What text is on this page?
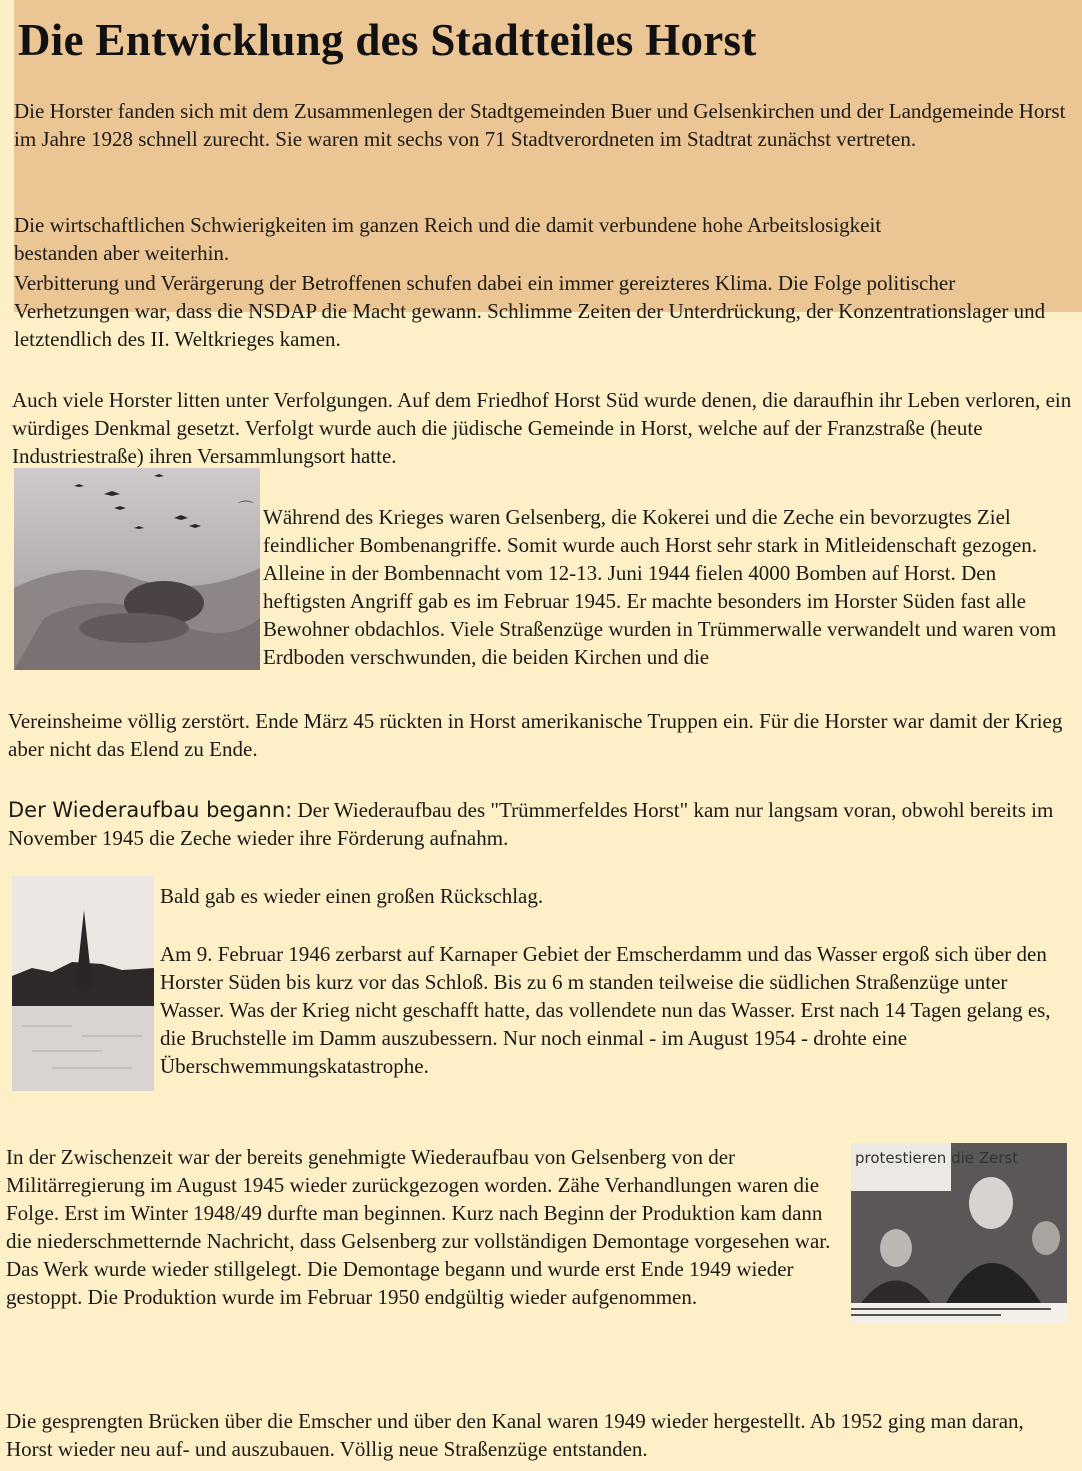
Die Entwicklung des Stadtteiles Horst

Die Horster fanden sich mit dem Zusammenlegen der Stadtgemeinden Buer und Gelsenkirchen und der Landgemeinde Horst im Jahre 1928 schnell zurecht. Sie waren mit sechs von 71 Stadtverordneten im Stadtrat zunächst vertreten.

Die wirtschaftlichen Schwierigkeiten im ganzen Reich und die damit verbundene hohe Arbeitslosigkeit bestanden aber weiterhin.

Verbitterung und Verärgerung der Betroffenen schufen dabei ein immer gereizteres Klima. Die Folge politischer Verhetzungen war, dass die NSDAP die Macht gewann. Schlimme Zeiten der Unterdrückung, der Konzentrationslager und letztendlich des II. Weltkrieges kamen.

Auch viele Horster litten unter Verfolgungen. Auf dem Friedhof Horst Süd wurde denen, die daraufhin ihr Leben verloren, ein würdiges Denkmal gesetzt. Verfolgt wurde auch die jüdische Gemeinde in Horst, welche auf der Franzstraße (heute Industriestraße) ihren Versammlungsort hatte.

⌒ Während des Krieges waren Gelsenberg, die Kokerei und die Zeche ein bevorzugtes Ziel feindlicher Bombenangriffe. Somit wurde auch Horst sehr stark in Mitleidenschaft gezogen. Alleine in der Bombennacht vom 12-13. Juni 1944 fielen 4000 Bomben auf Horst. Den heftigsten Angriff gab es im Februar 1945. Er machte besonders im Horster Süden fast alle Bewohner obdachlos. Viele Straßenzüge wurden in Trümmerwalle verwandelt und waren vom Erdboden verschwunden, die beiden Kirchen und die

Vereinsheime völlig zerstört. Ende März 45 rückten in Horst amerikanische Truppen ein. Für die Horster war damit der Krieg aber nicht das Elend zu Ende.

Der Wiederaufbau begann: Der Wiederaufbau des "Trümmerfeldes Horst" kam nur langsam voran, obwohl bereits im November 1945 die Zeche wieder ihre Förderung aufnahm.

Bald gab es wieder einen großen Rückschlag.

Am 9. Februar 1946 zerbarst auf Karnaper Gebiet der Emscherdamm und das Wasser ergoß sich über den Horster Süden bis kurz vor das Schloß. Bis zu 6 m standen teilweise die südlichen Straßenzüge unter Wasser. Was der Krieg nicht geschafft hatte, das vollendete nun das Wasser. Erst nach 14 Tagen gelang es, die Bruchstelle im Damm auszubessern. Nur noch einmal - im August 1954 - drohte eine Überschwemmungskatastrophe.

In der Zwischenzeit war der bereits genehmigte Wiederaufbau von Gelsenberg von der Militärregierung im August 1945 wieder zurückgezogen worden. Zähe Verhandlungen waren die Folge. Erst im Winter 1948/49 durfte man beginnen. Kurz nach Beginn der Produktion kam dann die niederschmetternde Nachricht, dass Gelsenberg zur vollständigen Demontage vorgesehen war. Das Werk wurde wieder stillgelegt. Die Demontage begann und wurde erst Ende 1949 wieder gestoppt. Die Produktion wurde im Februar 1950 endgültig wieder aufgenommen.

protestieren die Zerst

Die gesprengten Brücken über die Emscher und über den Kanal waren 1949 wieder hergestellt. Ab 1952 ging man daran, Horst wieder neu auf- und auszubauen. Völlig neue Straßenzüge entstanden.
